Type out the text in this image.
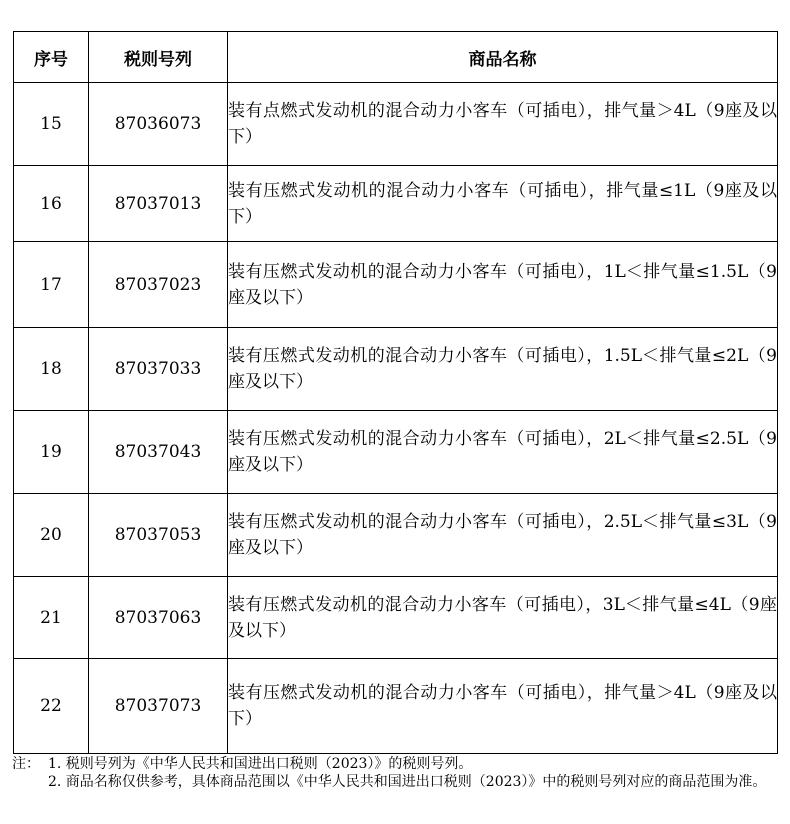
序号	税则号列	商品名称
15	87036073	装有点燃式发动机的混合动力小客车（可插电），排气量＞4L（9座及以下）
16	87037013	装有压燃式发动机的混合动力小客车（可插电），排气量≤1L（9座及以下）
17	87037023	装有压燃式发动机的混合动力小客车（可插电），1L＜排气量≤1.5L（9座及以下）
18	87037033	装有压燃式发动机的混合动力小客车（可插电），1.5L＜排气量≤2L（9座及以下）
19	87037043	装有压燃式发动机的混合动力小客车（可插电），2L＜排气量≤2.5L（9座及以下）
20	87037053	装有压燃式发动机的混合动力小客车（可插电），2.5L＜排气量≤3L（9座及以下）
21	87037063	装有压燃式发动机的混合动力小客车（可插电），3L＜排气量≤4L（9座及以下）
22	87037073	装有压燃式发动机的混合动力小客车（可插电），排气量＞4L（9座及以下）
注： 1. 税则号列为《中华人民共和国进出口税则（2023）》的税则号列。
2. 商品名称仅供参考，具体商品范围以《中华人民共和国进出口税则（2023）》中的税则号列对应的商品范围为准。
